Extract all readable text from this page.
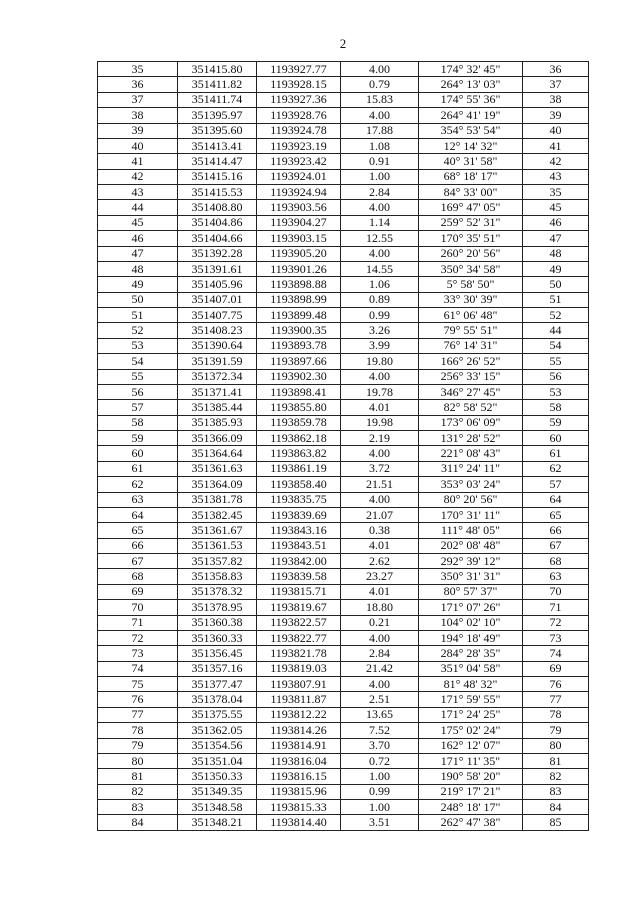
2
35	351415.80	1193927.77	4.00	174° 32' 45"	36
36	351411.82	1193928.15	0.79	264° 13' 03"	37
37	351411.74	1193927.36	15.83	174° 55' 36"	38
38	351395.97	1193928.76	4.00	264° 41' 19"	39
39	351395.60	1193924.78	17.88	354° 53' 54"	40
40	351413.41	1193923.19	1.08	12° 14' 32"	41
41	351414.47	1193923.42	0.91	40° 31' 58"	42
42	351415.16	1193924.01	1.00	68° 18' 17"	43
43	351415.53	1193924.94	2.84	84° 33' 00"	35
44	351408.80	1193903.56	4.00	169° 47' 05"	45
45	351404.86	1193904.27	1.14	259° 52' 31"	46
46	351404.66	1193903.15	12.55	170° 35' 51"	47
47	351392.28	1193905.20	4.00	260° 20' 56"	48
48	351391.61	1193901.26	14.55	350° 34' 58"	49
49	351405.96	1193898.88	1.06	5° 58' 50"	50
50	351407.01	1193898.99	0.89	33° 30' 39"	51
51	351407.75	1193899.48	0.99	61° 06' 48"	52
52	351408.23	1193900.35	3.26	79° 55' 51"	44
53	351390.64	1193893.78	3.99	76° 14' 31"	54
54	351391.59	1193897.66	19.80	166° 26' 52"	55
55	351372.34	1193902.30	4.00	256° 33' 15"	56
56	351371.41	1193898.41	19.78	346° 27' 45"	53
57	351385.44	1193855.80	4.01	82° 58' 52"	58
58	351385.93	1193859.78	19.98	173° 06' 09"	59
59	351366.09	1193862.18	2.19	131° 28' 52"	60
60	351364.64	1193863.82	4.00	221° 08' 43"	61
61	351361.63	1193861.19	3.72	311° 24' 11"	62
62	351364.09	1193858.40	21.51	353° 03' 24"	57
63	351381.78	1193835.75	4.00	80° 20' 56"	64
64	351382.45	1193839.69	21.07	170° 31' 11"	65
65	351361.67	1193843.16	0.38	111° 48' 05"	66
66	351361.53	1193843.51	4.01	202° 08' 48"	67
67	351357.82	1193842.00	2.62	292° 39' 12"	68
68	351358.83	1193839.58	23.27	350° 31' 31"	63
69	351378.32	1193815.71	4.01	80° 57' 37"	70
70	351378.95	1193819.67	18.80	171° 07' 26"	71
71	351360.38	1193822.57	0.21	104° 02' 10"	72
72	351360.33	1193822.77	4.00	194° 18' 49"	73
73	351356.45	1193821.78	2.84	284° 28' 35"	74
74	351357.16	1193819.03	21.42	351° 04' 58"	69
75	351377.47	1193807.91	4.00	81° 48' 32"	76
76	351378.04	1193811.87	2.51	171° 59' 55"	77
77	351375.55	1193812.22	13.65	171° 24' 25"	78
78	351362.05	1193814.26	7.52	175° 02' 24"	79
79	351354.56	1193814.91	3.70	162° 12' 07"	80
80	351351.04	1193816.04	0.72	171° 11' 35"	81
81	351350.33	1193816.15	1.00	190° 58' 20"	82
82	351349.35	1193815.96	0.99	219° 17' 21"	83
83	351348.58	1193815.33	1.00	248° 18' 17"	84
84	351348.21	1193814.40	3.51	262° 47' 38"	85
